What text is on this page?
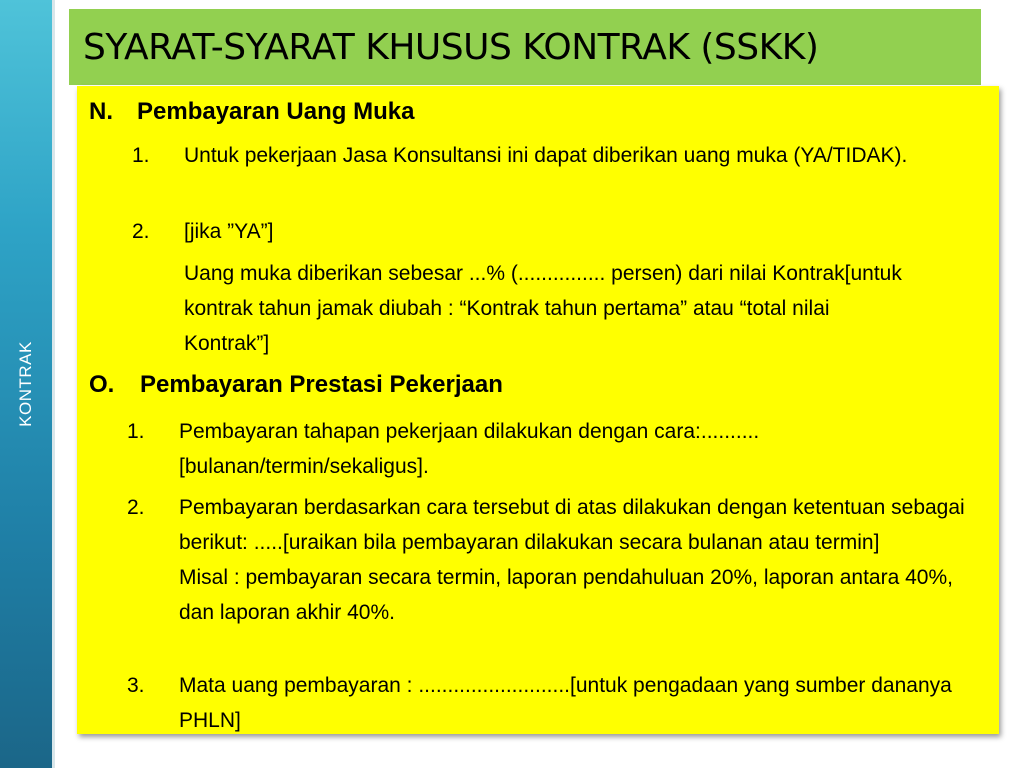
KONTRAK
SYARAT-SYARAT KHUSUS KONTRAK (SSKK)
N. Pembayaran Uang Muka
1. Untuk pekerjaan Jasa Konsultansi ini dapat diberikan uang muka (YA/TIDAK).
2. [jika ”YA”]
Uang muka diberikan sebesar ...% (............... persen) dari nilai Kontrak[untuk kontrak tahun jamak diubah : “Kontrak tahun pertama” atau “total nilai Kontrak”]
O. Pembayaran Prestasi Pekerjaan
1. Pembayaran tahapan pekerjaan dilakukan dengan cara:..........[bulanan/termin/sekaligus].
2. Pembayaran berdasarkan cara tersebut di atas dilakukan dengan ketentuan sebagai berikut: .....[uraikan bila pembayaran dilakukan secara bulanan atau termin]       Misal : pembayaran secara termin, laporan pendahuluan 20%, laporan antara 40%, dan laporan akhir 40%.
3. Mata uang pembayaran : ..........................[untuk pengadaan yang sumber dananya PHLN]
